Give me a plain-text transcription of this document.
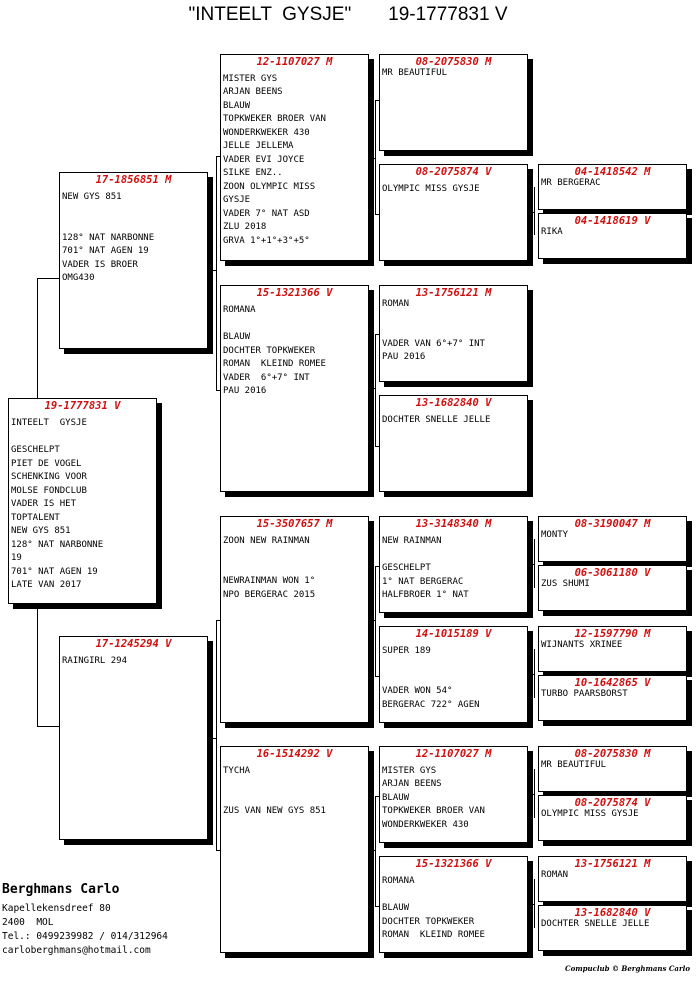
"INTEELT  GYSJE"       19-1777831 V
19-1777831 V
INTEELT  GYSJE
GESCHELPT
PIET DE VOGEL
SCHENKING VOOR
MOLSE FONDCLUB
VADER IS HET
TOPTALENT
NEW GYS 851
128° NAT NARBONNE
19
701° NAT AGEN 19
LATE VAN 2017
17-1856851 M
NEW GYS 851
128° NAT NARBONNE
701° NAT AGEN 19
VADER IS BROER
OMG430
17-1245294 V
RAINGIRL 294
12-1107027 M
MISTER GYS
ARJAN BEENS
BLAUW
TOPKWEKER BROER VAN
WONDERKWEKER 430
JELLE JELLEMA
VADER EVI JOYCE
SILKE ENZ..
ZOON OLYMPIC MISS
GYSJE
VADER 7° NAT ASD
ZLU 2018
GRVA 1°+1°+3°+5°
15-1321366 V
ROMANA
BLAUW
DOCHTER TOPKWEKER
ROMAN  KLEIND ROMEE
VADER  6°+7° INT
PAU 2016
15-3507657 M
ZOON NEW RAINMAN
NEWRAINMAN WON 1°
NPO BERGERAC 2015
16-1514292 V
TYCHA
ZUS VAN NEW GYS 851
08-2075830 M
MR BEAUTIFUL
08-2075874 V
OLYMPIC MISS GYSJE
13-1756121 M
ROMAN
VADER VAN 6°+7° INT
PAU 2016
13-1682840 V
DOCHTER SNELLE JELLE
13-3148340 M
NEW RAINMAN
GESCHELPT
1° NAT BERGERAC
HALFBROER 1° NAT
14-1015189 V
SUPER 189
VADER WON 54°
BERGERAC 722° AGEN
12-1107027 M
MISTER GYS
ARJAN BEENS
BLAUW
TOPKWEKER BROER VAN
WONDERKWEKER 430
15-1321366 V
ROMANA
BLAUW
DOCHTER TOPKWEKER
ROMAN  KLEIND ROMEE
04-1418542 M
MR BERGERAC
04-1418619 V
RIKA
08-3190047 M
MONTY
06-3061180 V
ZUS SHUMI
12-1597790 M
WIJNANTS XRINEE
10-1642865 V
TURBO PAARSBORST
08-2075830 M
MR BEAUTIFUL
08-2075874 V
OLYMPIC MISS GYSJE
13-1756121 M
ROMAN
13-1682840 V
DOCHTER SNELLE JELLE
Berghmans Carlo
Kapellekensdreef 80
2400  MOL
Tel.: 0499239982 / 014/312964
carloberghmans@hotmail.com
Compuclub © Berghmans Carlo
